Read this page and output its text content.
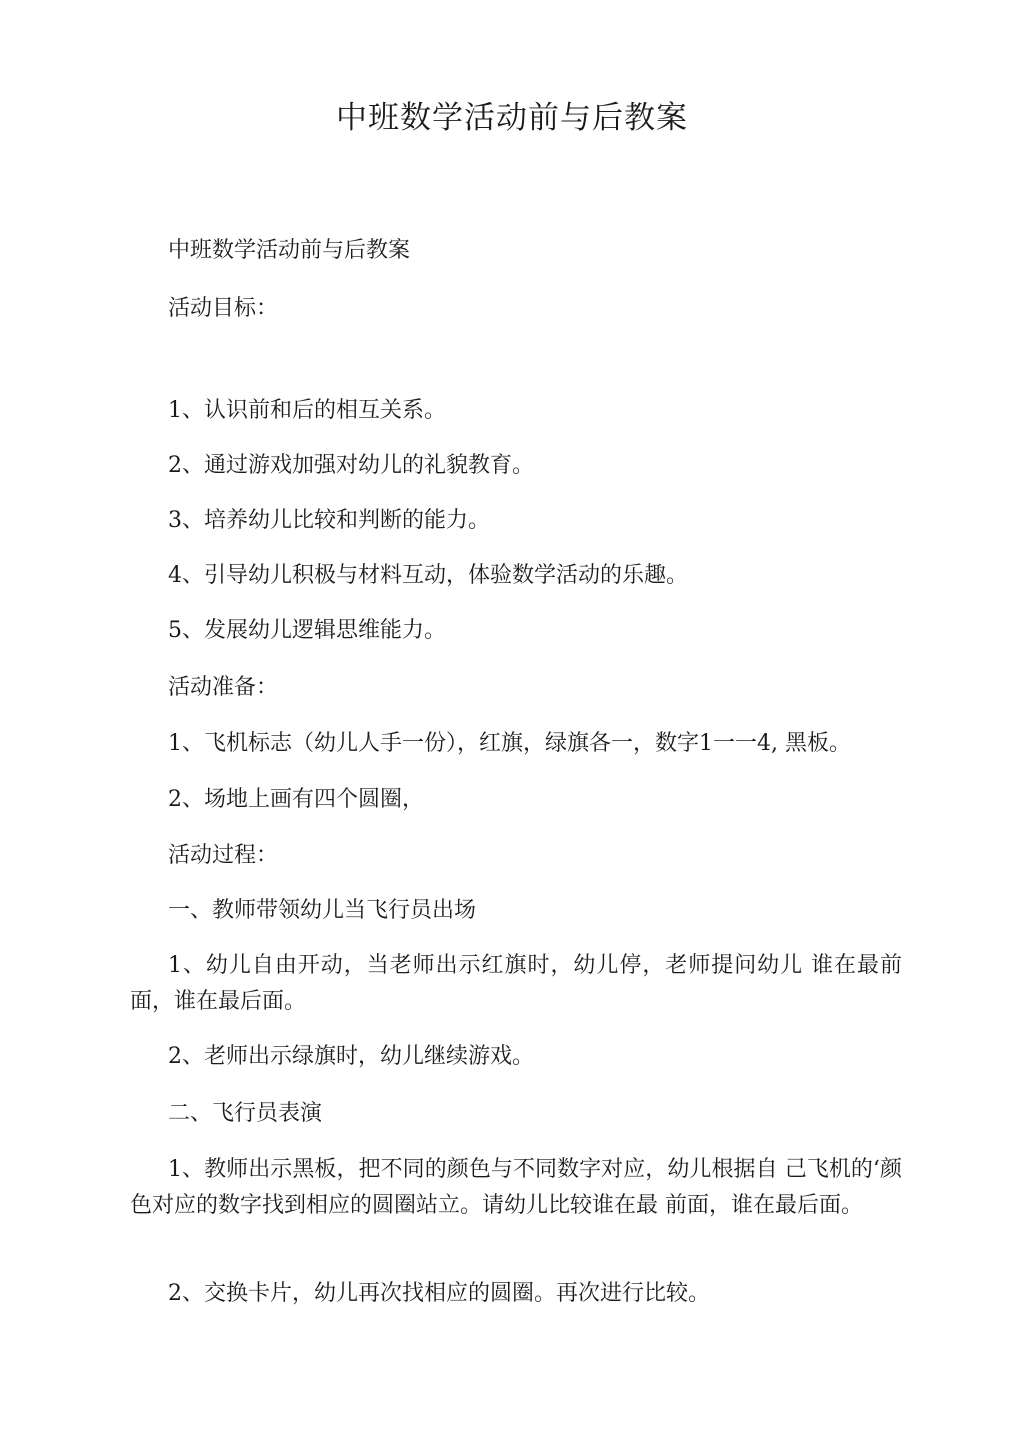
中班数学活动前与后教案
中班数学活动前与后教案
活动目标：
1、认识前和后的相互关系。
2、通过游戏加强对幼儿的礼貌教育。
3、培养幼儿比较和判断的能力。
4、引导幼儿积极与材料互动，体验数学活动的乐趣。
5、发展幼儿逻辑思维能力。
活动准备：
1、飞机标志（幼儿人手一份），红旗，绿旗各一，数字1一一4, 黑板。
2、场地上画有四个圆圈，
活动过程：
一、教师带领幼儿当飞行员出场
1、幼儿自由开动，当老师出示红旗时，幼儿停，老师提问幼儿 谁在最前面，谁在最后面。
2、老师出示绿旗时，幼儿继续游戏。
二、飞行员表演
1、教师出示黑板，把不同的颜色与不同数字对应，幼儿根据自 己飞机的‘颜色对应的数字找到相应的圆圈站立。请幼儿比较谁在最 前面，谁在最后面。
2、交换卡片，幼儿再次找相应的圆圈。再次进行比较。
